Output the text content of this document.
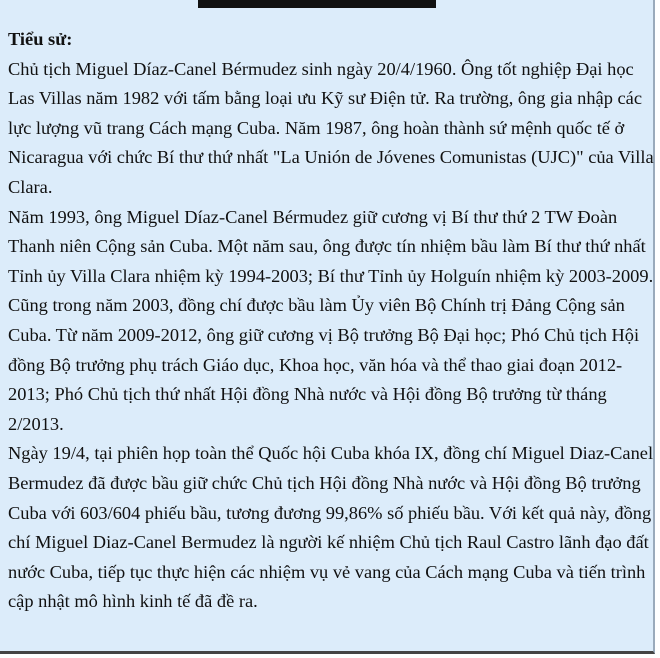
Tiểu sử:

Chủ tịch Miguel Díaz-Canel Bérmudez sinh ngày 20/4/1960. Ông tốt nghiệp Đại học Las Villas năm 1982 với tấm bằng loại ưu Kỹ sư Điện tử. Ra trường, ông gia nhập các lực lượng vũ trang Cách mạng Cuba. Năm 1987, ông hoàn thành sứ mệnh quốc tế ở Nicaragua với chức Bí thư thứ nhất "La Unión de Jóvenes Comunistas (UJC)" của Villa Clara.

Năm 1993, ông Miguel Díaz-Canel Bérmudez giữ cương vị Bí thư thứ 2 TW Đoàn Thanh niên Cộng sản Cuba. Một năm sau, ông được tín nhiệm bầu làm Bí thư thứ nhất Tỉnh ủy Villa Clara nhiệm kỳ 1994-2003; Bí thư Tỉnh ủy Holguín nhiệm kỳ 2003-2009. Cũng trong năm 2003, đồng chí được bầu làm Ủy viên Bộ Chính trị Đảng Cộng sản Cuba. Từ năm 2009-2012, ông giữ cương vị Bộ trưởng Bộ Đại học; Phó Chủ tịch Hội đồng Bộ trưởng phụ trách Giáo dục, Khoa học, văn hóa và thể thao giai đoạn 2012-2013; Phó Chủ tịch thứ nhất Hội đồng Nhà nước và Hội đồng Bộ trưởng từ tháng 2/2013.

Ngày 19/4, tại phiên họp toàn thể Quốc hội Cuba khóa IX, đồng chí Miguel Diaz-Canel Bermudez đã được bầu giữ chức Chủ tịch Hội đồng Nhà nước và Hội đồng Bộ trưởng Cuba với 603/604 phiếu bầu, tương đương 99,86% số phiếu bầu. Với kết quả này, đồng chí Miguel Diaz-Canel Bermudez là người kế nhiệm Chủ tịch Raul Castro lãnh đạo đất nước Cuba, tiếp tục thực hiện các nhiệm vụ vẻ vang của Cách mạng Cuba và tiến trình cập nhật mô hình kinh tế đã đề ra.
